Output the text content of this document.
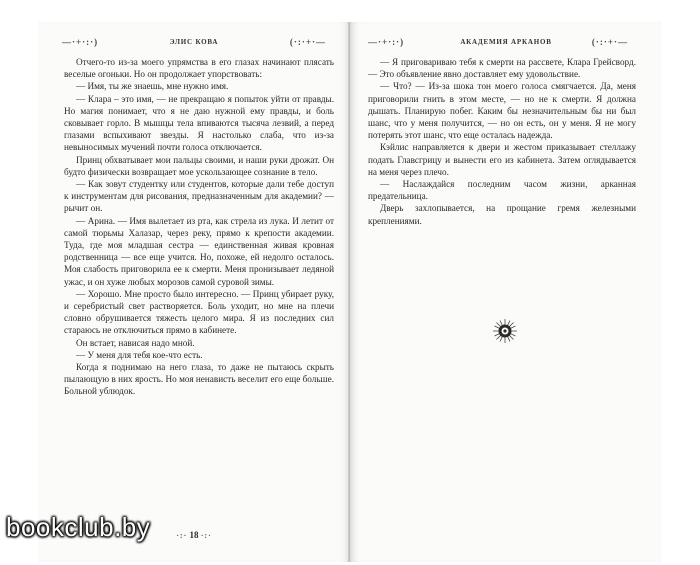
—·+·:·)	ЭЛИС КОВА	(·:·+·—

Отчего-то из-за моего упрямства в его глазах начинают плясать веселые огоньки. Но он продолжает упорствовать:

— Имя, ты же знаешь, мне нужно имя.

— Клара – это имя, — не прекращаю я попыток уйти от правды. Но магия понимает, что я не даю нужной ему правды, и боль сковывает горло. В мышцы тела впиваются тысяча лезвий, а перед глазами вспыхивают звезды. Я настолько слаба, что из-за невыносимых мучений почти голоса отключается.

Принц обхватывает мои пальцы своими, и наши руки дрожат. Он будто физически возвращает мое ускользающее сознание в тело.

— Как зовут студентку или студентов, которые дали тебе доступ к инструментам для рисования, предназначенным для академии? — рычит он.

— Арина. — Имя вылетает из рта, как стрела из лука. И летит от самой тюрьмы Халазар, через реку, прямо к крепости академии. Туда, где моя младшая сестра — единственная живая кровная родственница — все еще учится. Но, похоже, ей недолго осталось. Моя слабость приговорила ее к смерти. Меня пронизывает ледяной ужас, и он хуже любых морозов самой суровой зимы.

— Хорошо. Мне просто было интересно. — Принц убирает руку, и серебристый свет растворяется. Боль уходит, но мне на плечи словно обрушивается тяжесть целого мира. Я из последних сил стараюсь не отключиться прямо в кабинете.

Он встает, нависая надо мной.

— У меня для тебя кое-что есть.

Когда я поднимаю на него глаза, то даже не пытаюсь скрыть пылающую в них ярость. Но моя ненависть веселит его еще больше. Больной ублюдок.

·:· 18 ·:·
—·+·:·)	АКАДЕМИЯ АРКАНОВ	(·:·+·—

— Я приговариваю тебя к смерти на рассвете, Клара Грейсворд. — Это объявление явно доставляет ему удовольствие.

— Что? — Из-за шока тон моего голоса смягчается. Да, меня приговорили гнить в этом месте, — но не к смерти. Я должна дышать. Планирую побег. Каким бы незначительным бы ни был шанс, что у меня получится, — но он есть, он у меня. Я не могу потерять этот шанс, что еще осталась надежда.

Кэйлис направляется к двери и жестом приказывает стеллажу подать Главсгрицу и вынести его из кабинета. Затем оглядывается на меня через плечо.

— Наслаждайся последним часом жизни, арканная предательница.

Дверь захлопывается, на прощание гремя железными креплениями.

bookclub.by
